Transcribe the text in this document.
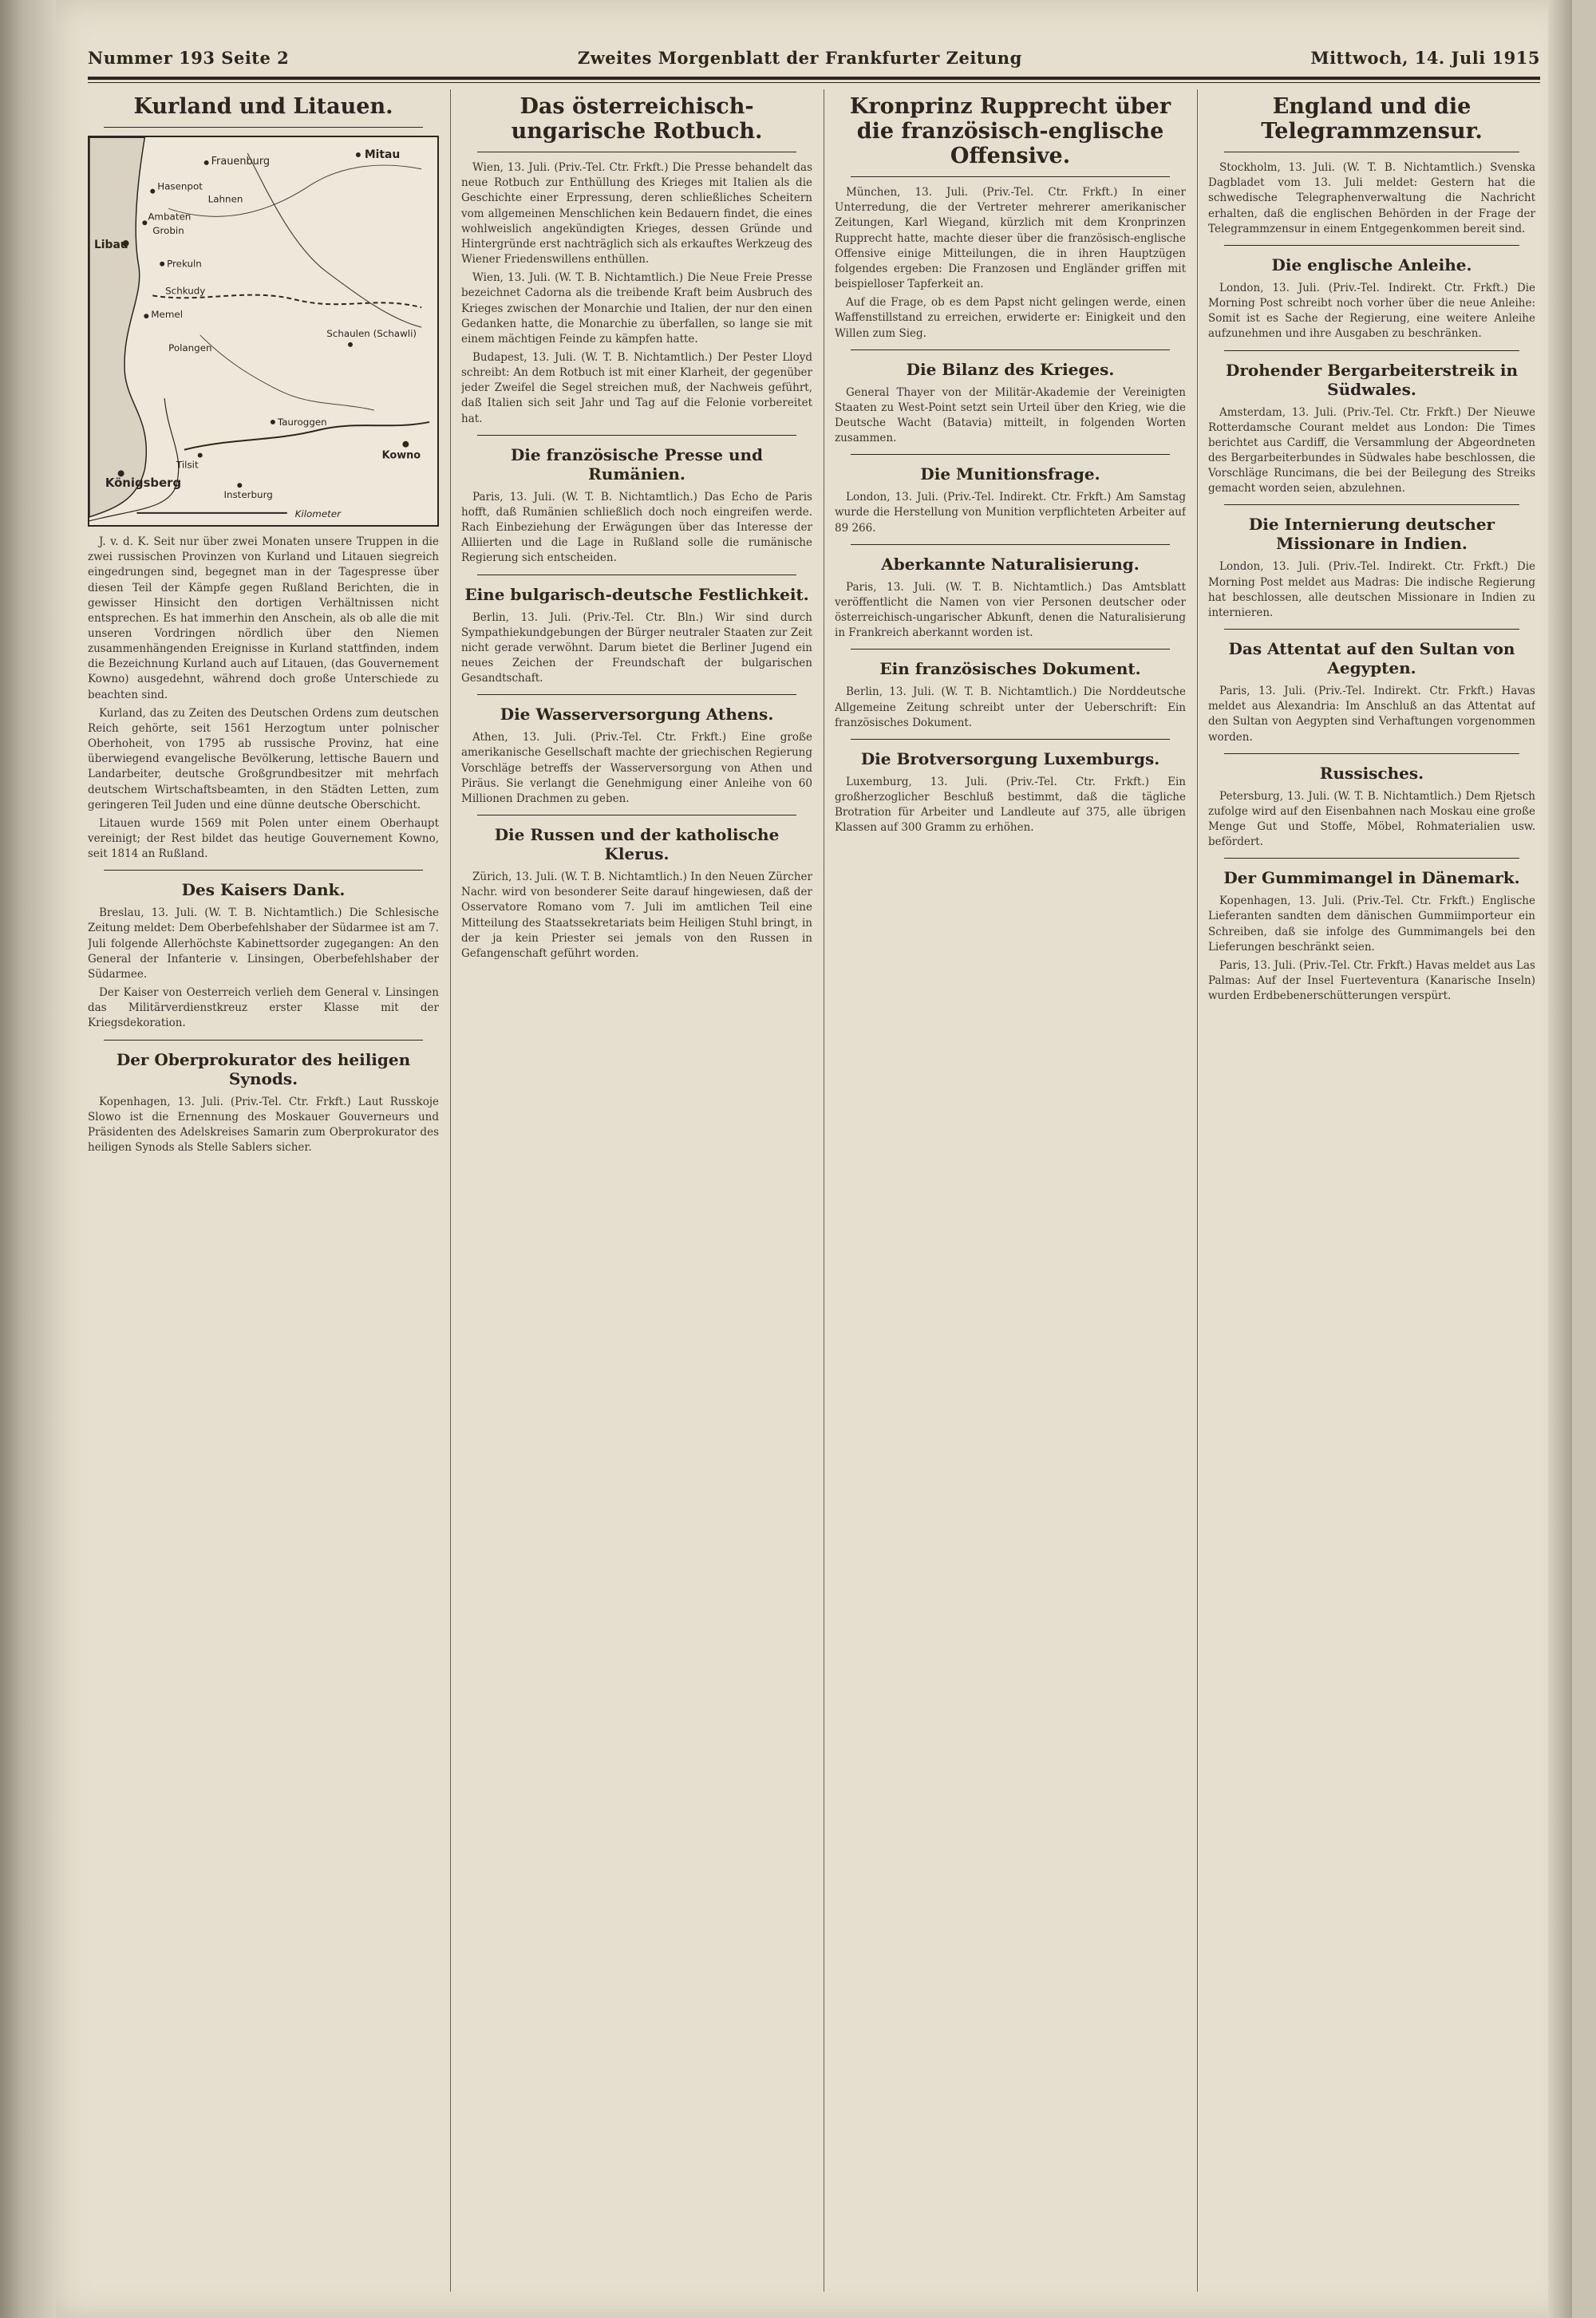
Nummer 193 Seite 2	Zweites Morgenblatt der Frankfurter Zeitung	Mittwoch, 14. Juli 1915
Kurland und Litauen.
Frauenburg
Mitau
Hasenpot
Lahnen
Ambaten
Grobin
Libau
Prekuln
Schkudy
Memel
Polangen
Schaulen (Schawli)
Tauroggen
Tilsit
Königsberg
Insterburg
Kowno
Kilometer

J. v. d. K. Seit nur über zwei Monaten unsere Truppen in die zwei russischen Provinzen von Kurland und Litauen siegreich eingedrungen sind, begegnet man in der Tagespresse über diesen Teil der Kämpfe gegen Rußland Berichten, die in gewisser Hinsicht den dortigen Verhältnissen nicht entsprechen. Es hat immerhin den Anschein, als ob alle die mit unseren Vordringen nördlich über den Niemen zusammenhängenden Ereignisse in Kurland stattfinden, indem die Bezeichnung Kurland auch auf Litauen, (das Gouvernement Kowno) ausgedehnt, während doch große Unterschiede zu beachten sind.

Kurland, das zu Zeiten des Deutschen Ordens zum deutschen Reich gehörte, seit 1561 Herzogtum unter polnischer Oberhoheit, von 1795 ab russische Provinz, hat eine überwiegend evangelische Bevölkerung, lettische Bauern und Landarbeiter, deutsche Großgrundbesitzer mit mehrfach deutschem Wirtschaftsbeamten, in den Städten Letten, zum geringeren Teil Juden und eine dünne deutsche Oberschicht.

Litauen wurde 1569 mit Polen unter einem Oberhaupt vereinigt; der Rest bildet das heutige Gouvernement Kowno, seit 1814 an Rußland.

Des Kaisers Dank.

Breslau, 13. Juli. (W. T. B. Nichtamtlich.) Die Schlesische Zeitung meldet: Dem Oberbefehlshaber der Südarmee ist am 7. Juli folgende Allerhöchste Kabinettsorder zugegangen: An den General der Infanterie v. Linsingen, Oberbefehlshaber der Südarmee.

Der Kaiser von Oesterreich verlieh dem General v. Linsingen das Militärverdienstkreuz erster Klasse mit der Kriegsdekoration.

Der Oberprokurator des heiligen Synods.

Kopenhagen, 13. Juli. (Priv.-Tel. Ctr. Frkft.) Laut Russkoje Slowo ist die Ernennung des Moskauer Gouverneurs und Präsidenten des Adelskreises Samarin zum Oberprokurator des heiligen Synods als Stelle Sablers sicher.

Das österreichisch-ungarische Rotbuch.

Wien, 13. Juli. (Priv.-Tel. Ctr. Frkft.) Die Presse behandelt das neue Rotbuch zur Enthüllung des Krieges mit Italien als die Geschichte einer Erpressung, deren schließliches Scheitern vom allgemeinen Menschlichen kein Bedauern findet, die eines wohlweislich angekündigten Krieges, dessen Gründe und Hintergründe erst nachträglich sich als erkauftes Werkzeug des Wiener Friedenswillens enthüllen.

Wien, 13. Juli. (W. T. B. Nichtamtlich.) Die Neue Freie Presse bezeichnet Cadorna als die treibende Kraft beim Ausbruch des Krieges zwischen der Monarchie und Italien, der nur den einen Gedanken hatte, die Monarchie zu überfallen, so lange sie mit einem mächtigen Feinde zu kämpfen hatte.

Budapest, 13. Juli. (W. T. B. Nichtamtlich.) Der Pester Lloyd schreibt: An dem Rotbuch ist mit einer Klarheit, der gegenüber jeder Zweifel die Segel streichen muß, der Nachweis geführt, daß Italien sich seit Jahr und Tag auf die Felonie vorbereitet hat.

Die französische Presse und Rumänien.

Paris, 13. Juli. (W. T. B. Nichtamtlich.) Das Echo de Paris hofft, daß Rumänien schließlich doch noch eingreifen werde. Rach Einbeziehung der Erwägungen über das Interesse der Alliierten und die Lage in Rußland solle die rumänische Regierung sich entscheiden.

Eine bulgarisch-deutsche Festlichkeit.

Berlin, 13. Juli. (Priv.-Tel. Ctr. Bln.) Wir sind durch Sympathiekundgebungen der Bürger neutraler Staaten zur Zeit nicht gerade verwöhnt. Darum bietet die Berliner Jugend ein neues Zeichen der Freundschaft der bulgarischen Gesandtschaft.

Die Wasserversorgung Athens.

Athen, 13. Juli. (Priv.-Tel. Ctr. Frkft.) Eine große amerikanische Gesellschaft machte der griechischen Regierung Vorschläge betreffs der Wasserversorgung von Athen und Piräus. Sie verlangt die Genehmigung einer Anleihe von 60 Millionen Drachmen zu geben.

Die Russen und der katholische Klerus.

Zürich, 13. Juli. (W. T. B. Nichtamtlich.) In den Neuen Zürcher Nachr. wird von besonderer Seite darauf hingewiesen, daß der Osservatore Romano vom 7. Juli im amtlichen Teil eine Mitteilung des Staatssekretariats beim Heiligen Stuhl bringt, in der ja kein Priester sei jemals von den Russen in Gefangenschaft geführt worden.

Kronprinz Rupprecht über die französisch-englische Offensive.

München, 13. Juli. (Priv.-Tel. Ctr. Frkft.) In einer Unterredung, die der Vertreter mehrerer amerikanischer Zeitungen, Karl Wiegand, kürzlich mit dem Kronprinzen Rupprecht hatte, machte dieser über die französisch-englische Offensive einige Mitteilungen, die in ihren Hauptzügen folgendes ergeben: Die Franzosen und Engländer griffen mit beispielloser Tapferkeit an.

Auf die Frage, ob es dem Papst nicht gelingen werde, einen Waffenstillstand zu erreichen, erwiderte er: Einigkeit und den Willen zum Sieg.

Die Bilanz des Krieges.

General Thayer von der Militär-Akademie der Vereinigten Staaten zu West-Point setzt sein Urteil über den Krieg, wie die Deutsche Wacht (Batavia) mitteilt, in folgenden Worten zusammen.

Die Munitionsfrage.

London, 13. Juli. (Priv.-Tel. Indirekt. Ctr. Frkft.) Am Samstag wurde die Herstellung von Munition verpflichteten Arbeiter auf 89 266.

Aberkannte Naturalisierung.

Paris, 13. Juli. (W. T. B. Nichtamtlich.) Das Amtsblatt veröffentlicht die Namen von vier Personen deutscher oder österreichisch-ungarischer Abkunft, denen die Naturalisierung in Frankreich aberkannt worden ist.

Ein französisches Dokument.

Berlin, 13. Juli. (W. T. B. Nichtamtlich.) Die Norddeutsche Allgemeine Zeitung schreibt unter der Ueberschrift: Ein französisches Dokument.

Die Brotversorgung Luxemburgs.

Luxemburg, 13. Juli. (Priv.-Tel. Ctr. Frkft.) Ein großherzoglicher Beschluß bestimmt, daß die tägliche Brotration für Arbeiter und Landleute auf 375, alle übrigen Klassen auf 300 Gramm zu erhöhen.

England und die Telegrammzensur.

Stockholm, 13. Juli. (W. T. B. Nichtamtlich.) Svenska Dagbladet vom 13. Juli meldet: Gestern hat die schwedische Telegraphenverwaltung die Nachricht erhalten, daß die englischen Behörden in der Frage der Telegrammzensur in einem Entgegenkommen bereit sind.

Die englische Anleihe.

London, 13. Juli. (Priv.-Tel. Indirekt. Ctr. Frkft.) Die Morning Post schreibt noch vorher über die neue Anleihe: Somit ist es Sache der Regierung, eine weitere Anleihe aufzunehmen und ihre Ausgaben zu beschränken.

Drohender Bergarbeiterstreik in Südwales.

Amsterdam, 13. Juli. (Priv.-Tel. Ctr. Frkft.) Der Nieuwe Rotterdamsche Courant meldet aus London: Die Times berichtet aus Cardiff, die Versammlung der Abgeordneten des Bergarbeiterbundes in Südwales habe beschlossen, die Vorschläge Runcimans, die bei der Beilegung des Streiks gemacht worden seien, abzulehnen.

Die Internierung deutscher Missionare in Indien.

London, 13. Juli. (Priv.-Tel. Indirekt. Ctr. Frkft.) Die Morning Post meldet aus Madras: Die indische Regierung hat beschlossen, alle deutschen Missionare in Indien zu internieren.

Das Attentat auf den Sultan von Aegypten.

Paris, 13. Juli. (Priv.-Tel. Indirekt. Ctr. Frkft.) Havas meldet aus Alexandria: Im Anschluß an das Attentat auf den Sultan von Aegypten sind Verhaftungen vorgenommen worden.

Russisches.

Petersburg, 13. Juli. (W. T. B. Nichtamtlich.) Dem Rjetsch zufolge wird auf den Eisenbahnen nach Moskau eine große Menge Gut und Stoffe, Möbel, Rohmaterialien usw. befördert.

Der Gummimangel in Dänemark.

Kopenhagen, 13. Juli. (Priv.-Tel. Ctr. Frkft.) Englische Lieferanten sandten dem dänischen Gummiimporteur ein Schreiben, daß sie infolge des Gummimangels bei den Lieferungen beschränkt seien.

Paris, 13. Juli. (Priv.-Tel. Ctr. Frkft.) Havas meldet aus Las Palmas: Auf der Insel Fuerteventura (Kanarische Inseln) wurden Erdbebenerschütterungen verspürt.
